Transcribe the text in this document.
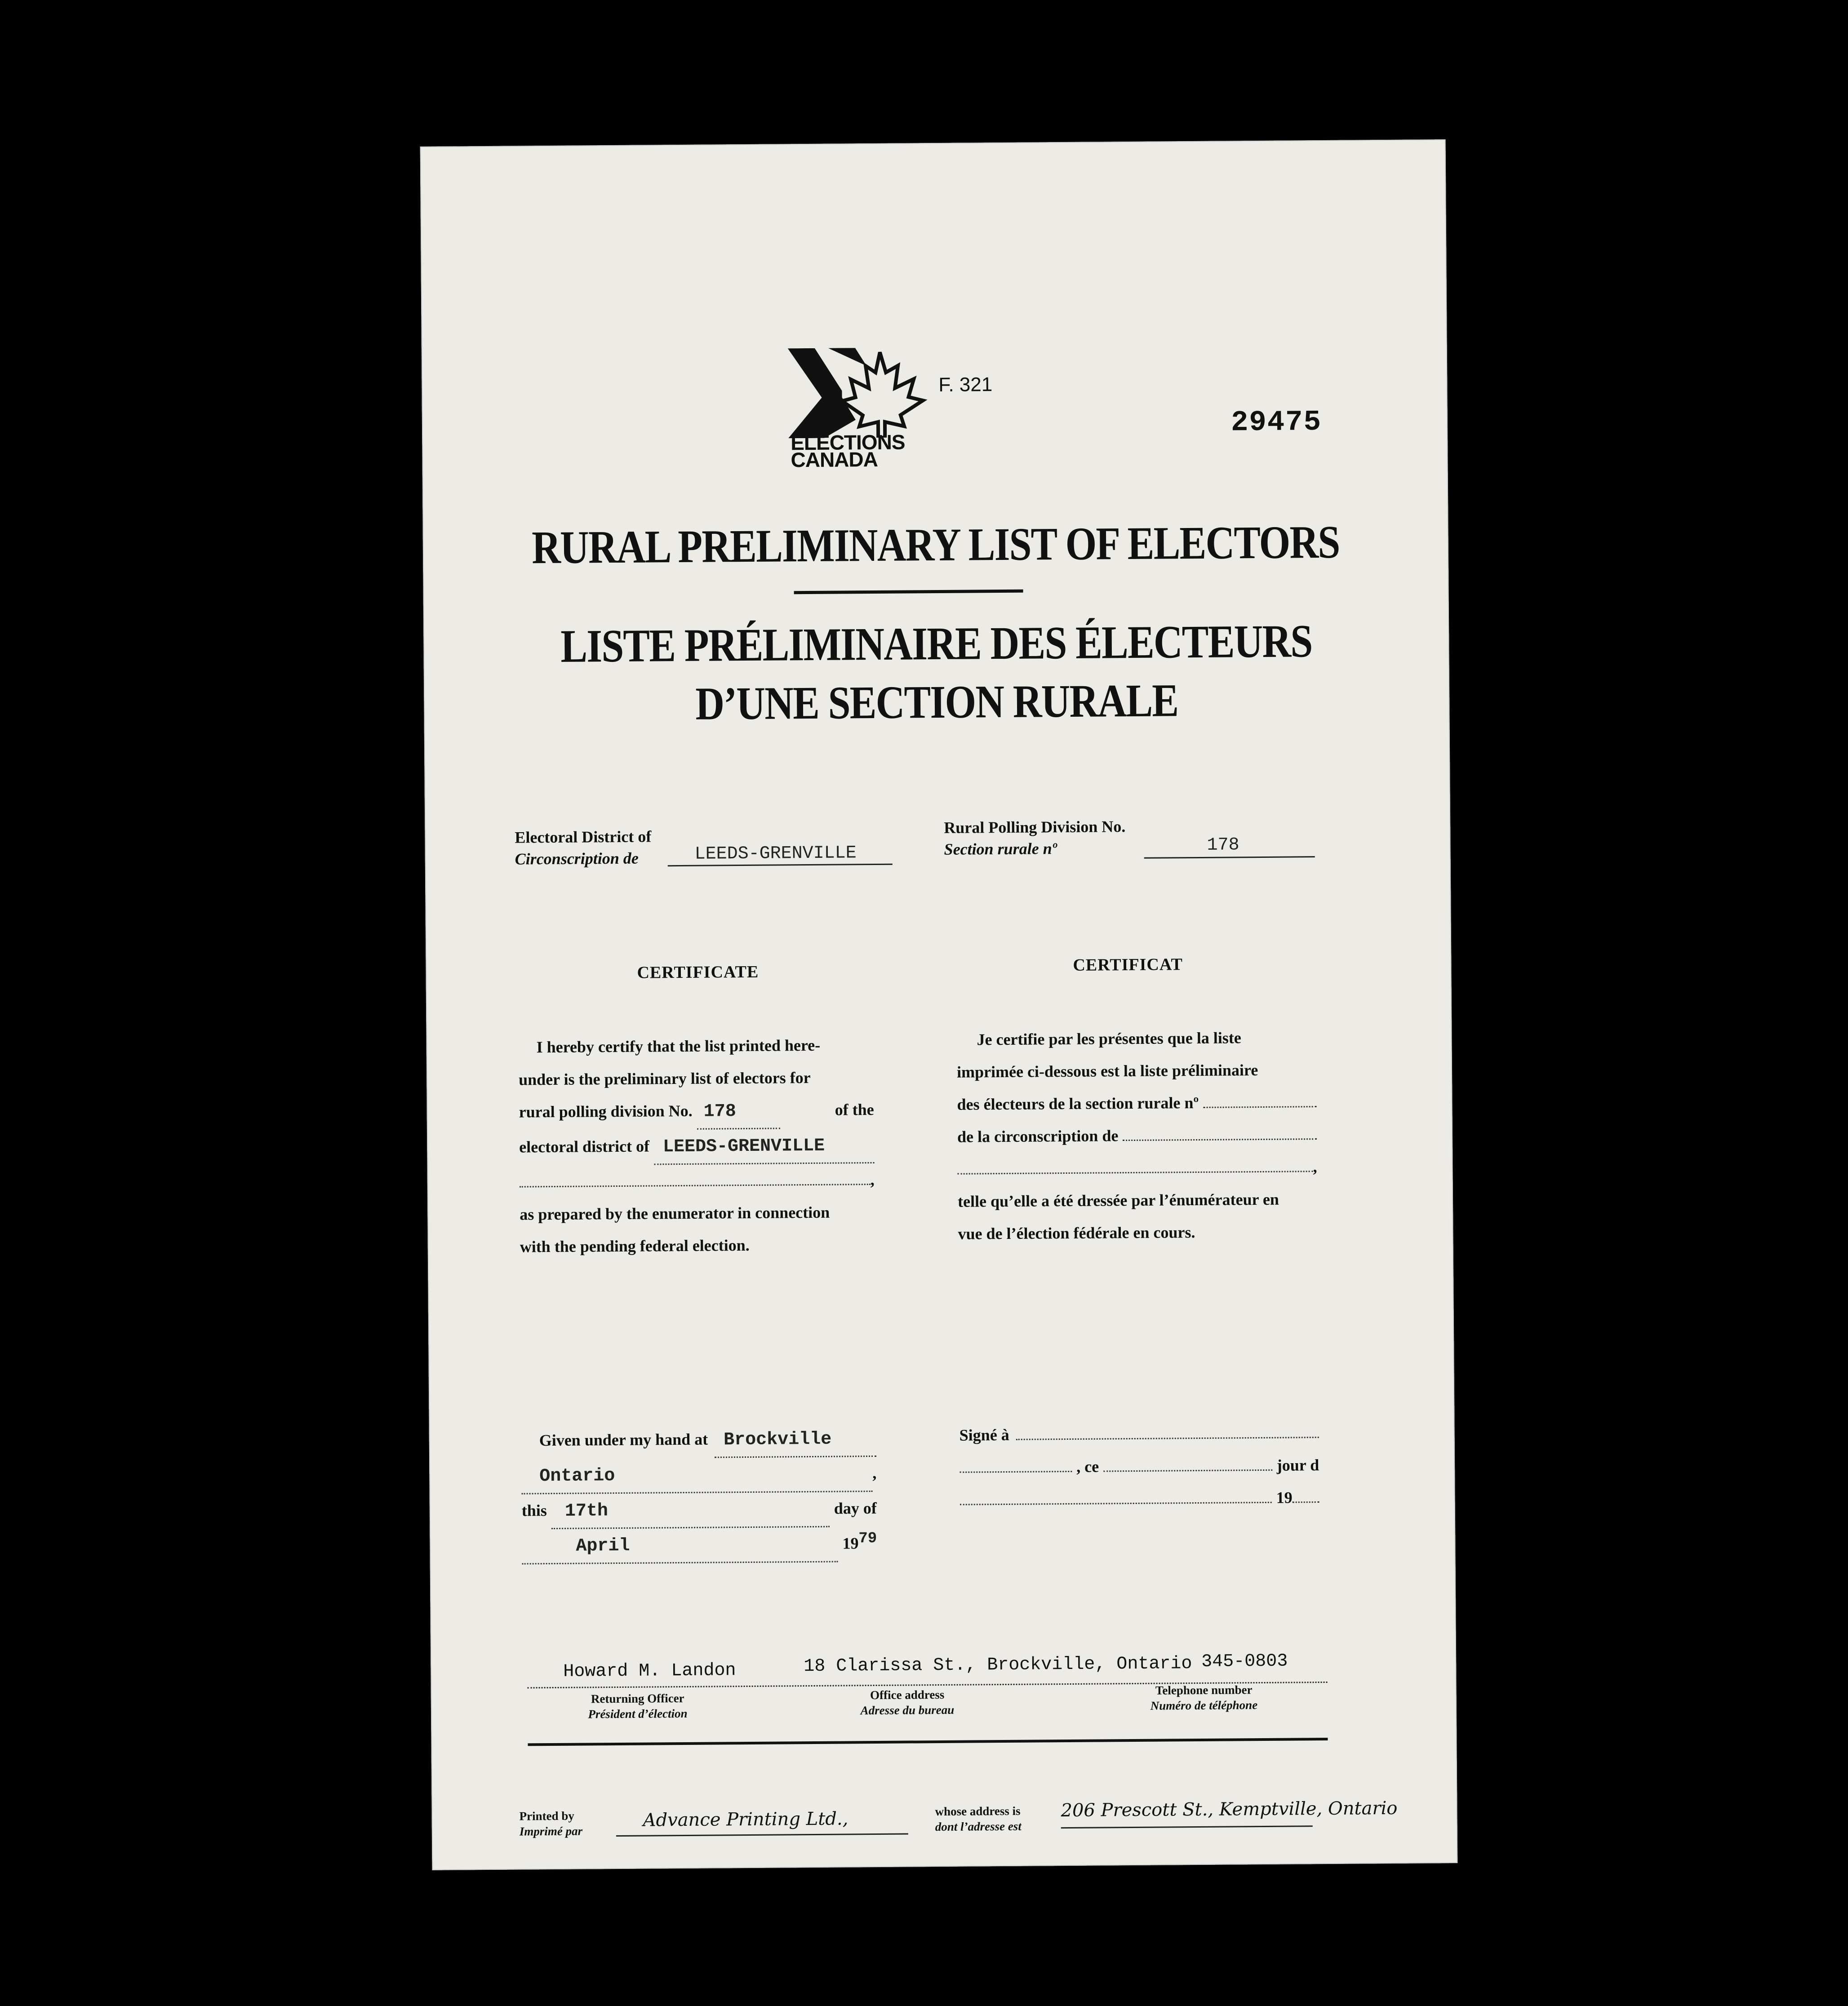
ELECTIONS
CANADA
F. 321
29475
RURAL PRELIMINARY LIST OF ELECTORS
LISTE PRÉLIMINAIRE DES ÉLECTEURS
D’UNE SECTION RURALE
Electoral District of
Circonscription de	LEEDS-GRENVILLE
Rural Polling Division No.
Section rurale nº	178
CERTIFICATE
I hereby certify that the list printed here-
under is the preliminary list of electors for
rural polling division No. 178	of the
electoral district of LEEDS-GRENVILLE
,
as prepared by the enumerator in connection
with the pending federal election.
Given under my hand at Brockville
Ontario	,
this 17th	day of
April	19 79
CERTIFICAT
Je certifie par les présentes que la liste
imprimée ci-dessous est la liste préliminaire
des électeurs de la section rurale nº
de la circonscription de
,
telle qu’elle a été dressée par l’énumérateur en
vue de l’élection fédérale en cours.
Signé à
, ce	jour d
19
Howard M. Landon	18 Clarissa St., Brockville, Ontario 345-0803
Returning Officer
Président d’élection
Office address
Adresse du bureau
Telephone number
Numéro de téléphone
Printed by
Imprimé par
Advance Printing Ltd.,	whose address is
dont l’adresse est
206 Prescott St., Kemptville, Ontario
